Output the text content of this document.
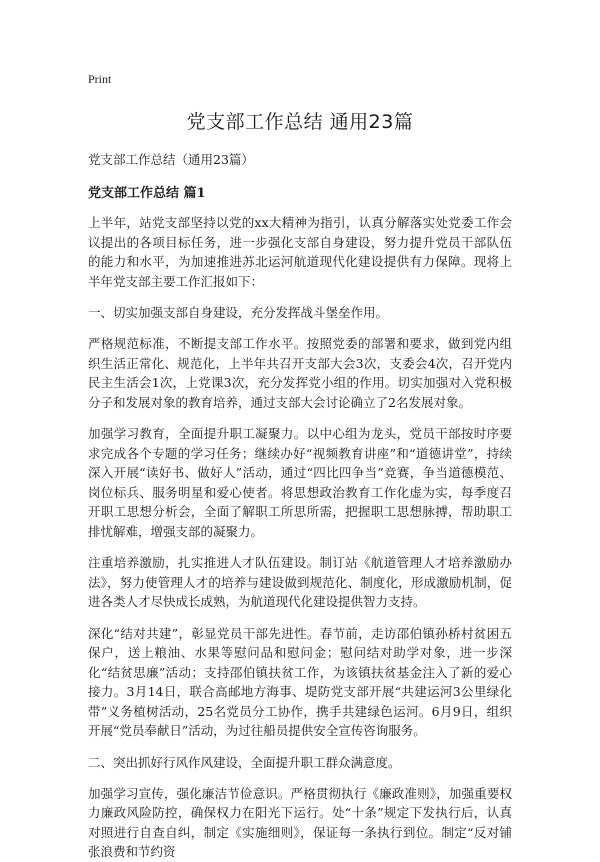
Print
党支部工作总结 通用23篇

党支部工作总结（通用23篇）

党支部工作总结 篇1

上半年，站党支部坚持以党的xx大精神为指引，认真分解落实处党委工作会议提出的各项目标任务，进一步强化支部自身建设，努力提升党员干部队伍的能力和水平，为加速推进苏北运河航道现代化建设提供有力保障。现将上半年党支部主要工作汇报如下：

一、切实加强支部自身建设，充分发挥战斗堡垒作用。

严格规范标准，不断提支部工作水平。按照党委的部署和要求，做到党内组织生活正常化、规范化，上半年共召开支部大会3次，支委会4次，召开党内民主生活会1次，上党课3次，充分发挥党小组的作用。切实加强对入党积极分子和发展对象的教育培养，通过支部大会讨论确立了2名发展对象。

加强学习教育，全面提升职工凝聚力。以中心组为龙头，党员干部按时序要求完成各个专题的学习任务；继续办好“视频教育讲座”和“道德讲堂”，持续深入开展“读好书、做好人”活动，通过“四比四争当”竞赛，争当道德模范、岗位标兵、服务明星和爱心使者。将思想政治教育工作化虚为实，每季度召开职工思想分析会，全面了解职工所思所需，把握职工思想脉搏，帮助职工排忧解难，增强支部的凝聚力。

注重培养激励，扎实推进人才队伍建设。制订站《航道管理人才培养激励办法》，努力使管理人才的培养与建设做到规范化、制度化，形成激励机制，促进各类人才尽快成长成熟，为航道现代化建设提供智力支持。

深化“结对共建”，彰显党员干部先进性。春节前，走访邵伯镇孙桥村贫困五保户，送上粮油、水果等慰问品和慰问金；慰问结对助学对象，进一步深化“结贫思廉”活动；支持邵伯镇扶贫工作，为该镇扶贫基金注入了新的爱心接力。3月14日，联合高邮地方海事、堤防党支部开展“共建运河3公里绿化带”义务植树活动，25名党员分工协作，携手共建绿色运河。6月9日，组织开展“党员奉献日”活动，为过往船员提供安全宣传咨询服务。

二、突出抓好行风作风建设，全面提升职工群众满意度。

加强学习宣传，强化廉洁节俭意识。严格贯彻执行《廉政准则》，加强重要权力廉政风险防控，确保权力在阳光下运行。处“十条”规定下发执行后，认真对照进行自查自纠，制定《实施细则》，保证每一条执行到位。制定“反对铺张浪费和节约资
